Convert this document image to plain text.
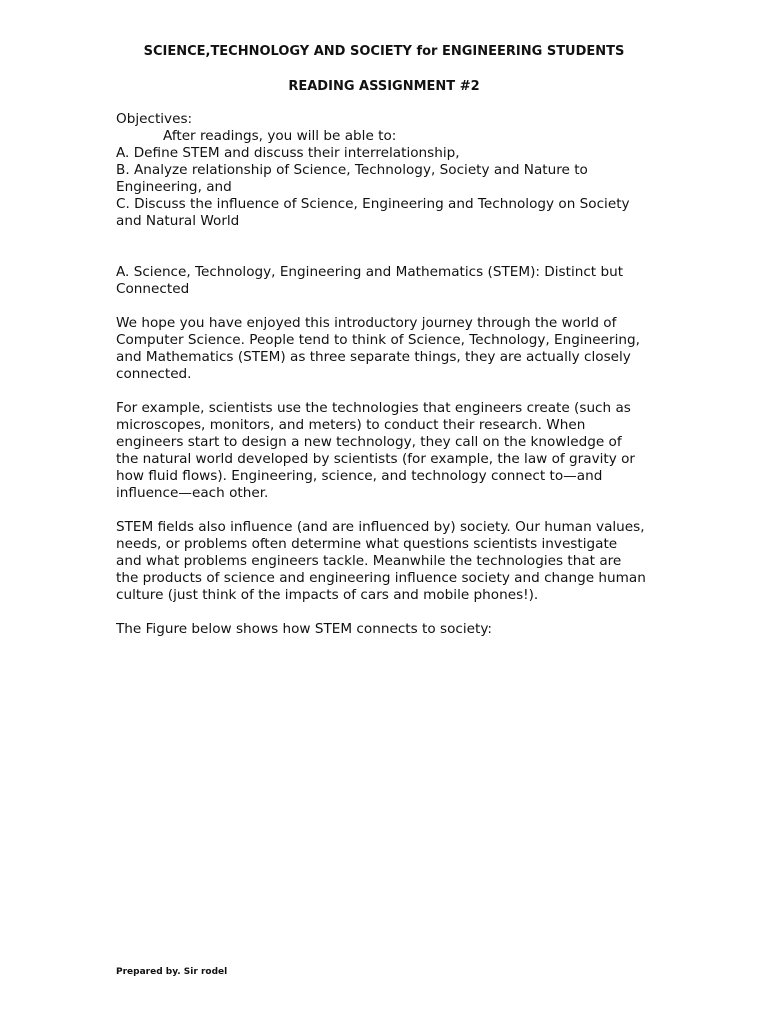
SCIENCE,TECHNOLOGY AND SOCIETY for ENGINEERING STUDENTS
READING ASSIGNMENT #2
Objectives:
After readings, you will be able to:
A. Define STEM and discuss their interrelationship,
B. Analyze relationship of Science, Technology, Society and Nature to
Engineering, and
C. Discuss the influence of Science, Engineering and Technology on Society
and Natural World
A. Science, Technology, Engineering and Mathematics (STEM): Distinct but
Connected
We hope you have enjoyed this introductory journey through the world of
Computer Science. People tend to think of Science, Technology, Engineering,
and Mathematics (STEM) as three separate things, they are actually closely
connected.
For example, scientists use the technologies that engineers create (such as
microscopes, monitors, and meters) to conduct their research. When
engineers start to design a new technology, they call on the knowledge of
the natural world developed by scientists (for example, the law of gravity or
how fluid flows). Engineering, science, and technology connect to—and
influence—each other.
STEM fields also influence (and are influenced by) society. Our human values,
needs, or problems often determine what questions scientists investigate
and what problems engineers tackle. Meanwhile the technologies that are
the products of science and engineering influence society and change human
culture (just think of the impacts of cars and mobile phones!).
The Figure below shows how STEM connects to society:
Prepared by. Sir rodel
